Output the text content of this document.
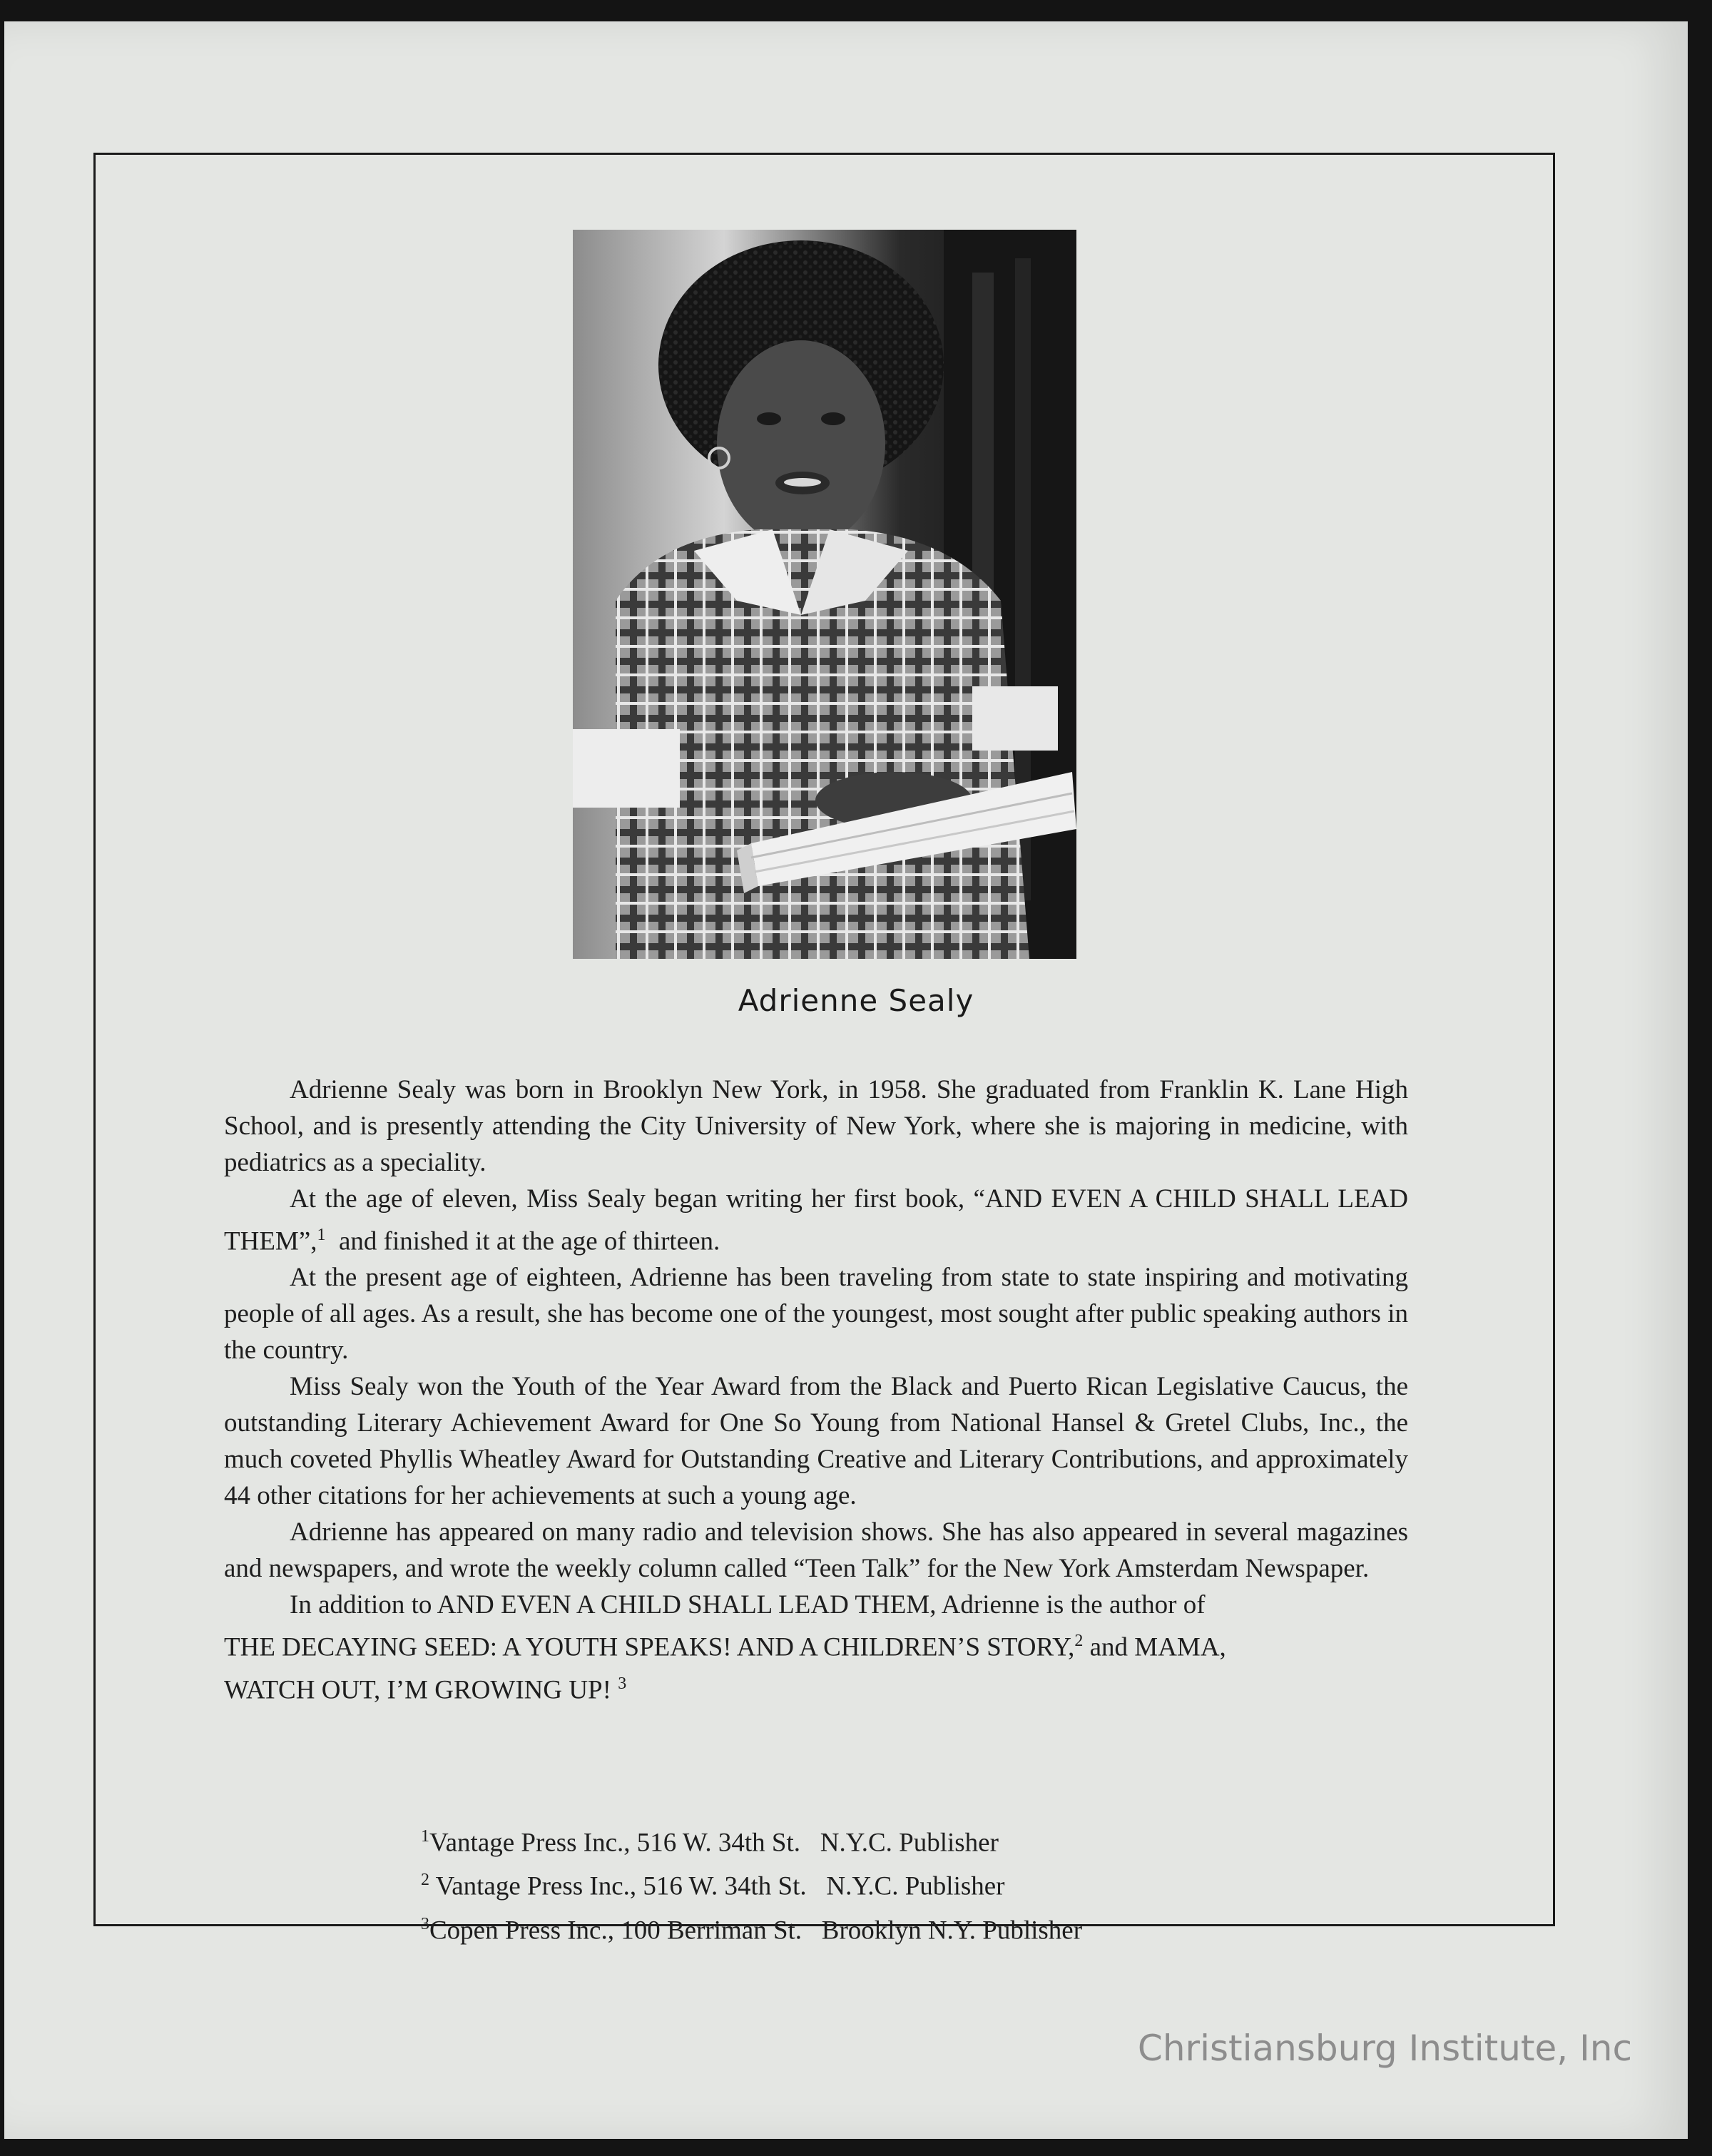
Adrienne Sealy

Adrienne Sealy was born in Brooklyn New York, in 1958. She graduated from Franklin K. Lane High School, and is presently attending the City University of New York, where she is majoring in medicine, with pediatrics as a speciality.

At the age of eleven, Miss Sealy began writing her first book, “AND EVEN A CHILD SHALL LEAD THEM”,$^1$ and finished it at the age of thirteen.

At the present age of eighteen, Adrienne has been traveling from state to state inspiring and motivating people of all ages. As a result, she has become one of the youngest, most sought after public speaking authors in the country.

Miss Sealy won the Youth of the Year Award from the Black and Puerto Rican Legislative Caucus, the outstanding Literary Achievement Award for One So Young from National Hansel & Gretel Clubs, Inc., the much coveted Phyllis Wheatley Award for Outstanding Creative and Literary Contributions, and approximately 44 other citations for her achievements at such a young age.

Adrienne has appeared on many radio and television shows. She has also appeared in several magazines and newspapers, and wrote the weekly column called “Teen Talk” for the New York Amsterdam Newspaper.

In addition to AND EVEN A CHILD SHALL LEAD THEM, Adrienne is the author of
THE DECAYING SEED: A YOUTH SPEAKS! AND A CHILDREN’S STORY,$^2$ and MAMA,
WATCH OUT, I’M GROWING UP! $^3$

$^1$Vantage Press Inc., 516 W. 34th St.   N.Y.C. Publisher
$^2$ Vantage Press Inc., 516 W. 34th St.   N.Y.C. Publisher
$^3$Copen Press Inc., 100 Berriman St.   Brooklyn N.Y. Publisher
Christiansburg Institute, Inc
